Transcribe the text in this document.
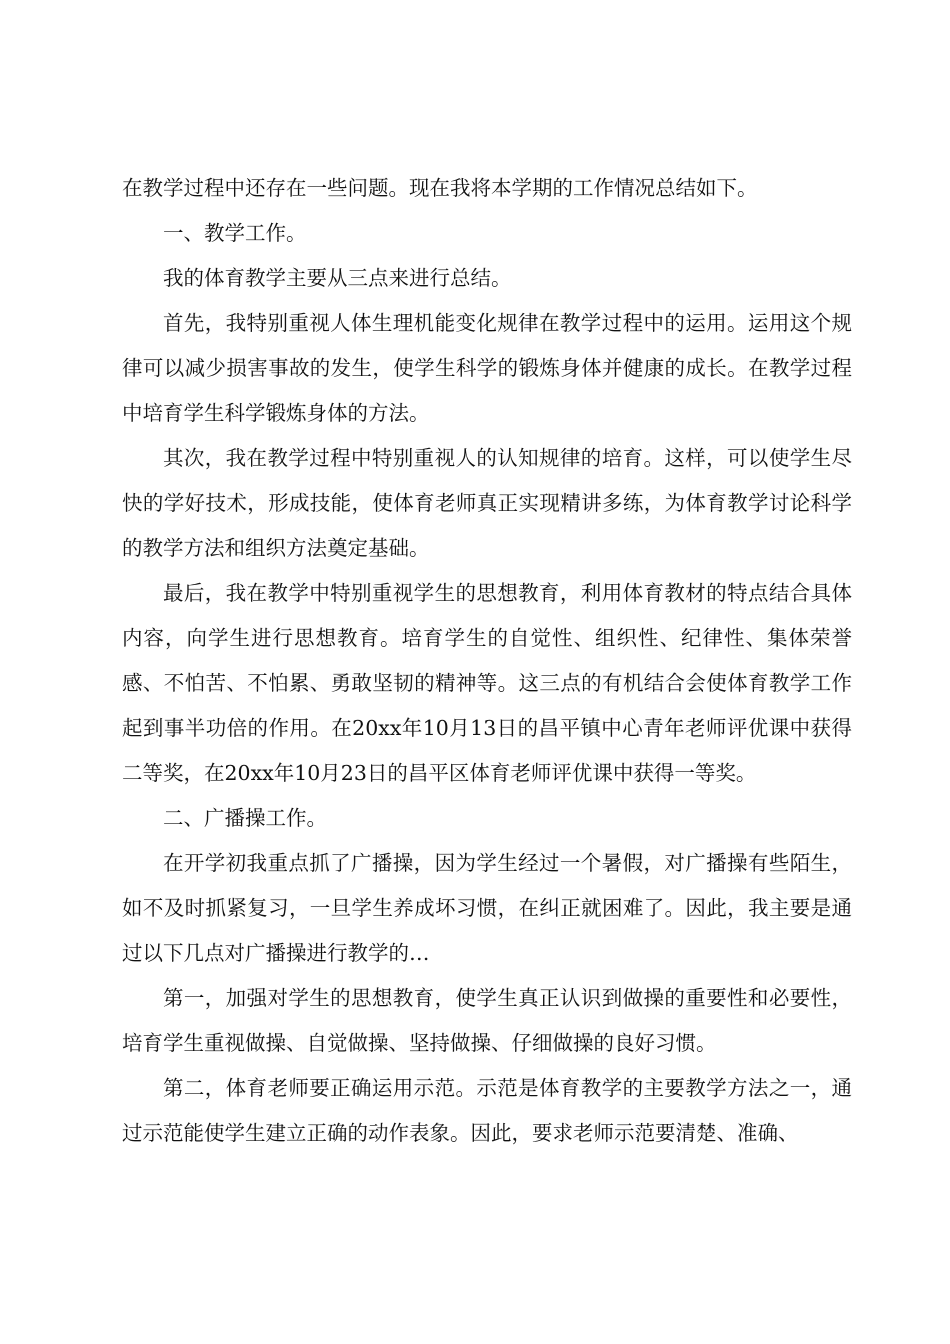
在教学过程中还存在一些问题。现在我将本学期的工作情况总结如下。

一、教学工作。

我的体育教学主要从三点来进行总结。

首先，我特别重视人体生理机能变化规律在教学过程中的运用。运用这个规律可以减少损害事故的发生，使学生科学的锻炼身体并健康的成长。在教学过程中培育学生科学锻炼身体的方法。

其次，我在教学过程中特别重视人的认知规律的培育。这样，可以使学生尽快的学好技术，形成技能，使体育老师真正实现精讲多练，为体育教学讨论科学的教学方法和组织方法奠定基础。

最后，我在教学中特别重视学生的思想教育，利用体育教材的特点结合具体内容，向学生进行思想教育。培育学生的自觉性、组织性、纪律性、集体荣誉感、不怕苦、不怕累、勇敢坚韧的精神等。这三点的有机结合会使体育教学工作起到事半功倍的作用。在20xx年10月13日的昌平镇中心青年老师评优课中获得二等奖，在20xx年10月23日的昌平区体育老师评优课中获得一等奖。

二、广播操工作。

在开学初我重点抓了广播操，因为学生经过一个暑假，对广播操有些陌生，如不及时抓紧复习，一旦学生养成坏习惯，在纠正就困难了。因此，我主要是通过以下几点对广播操进行教学的…

第一，加强对学生的思想教育，使学生真正认识到做操的重要性和必要性，培育学生重视做操、自觉做操、坚持做操、仔细做操的良好习惯。

第二，体育老师要正确运用示范。示范是体育教学的主要教学方法之一，通过示范能使学生建立正确的动作表象。因此，要求老师示范要清楚、准确、
